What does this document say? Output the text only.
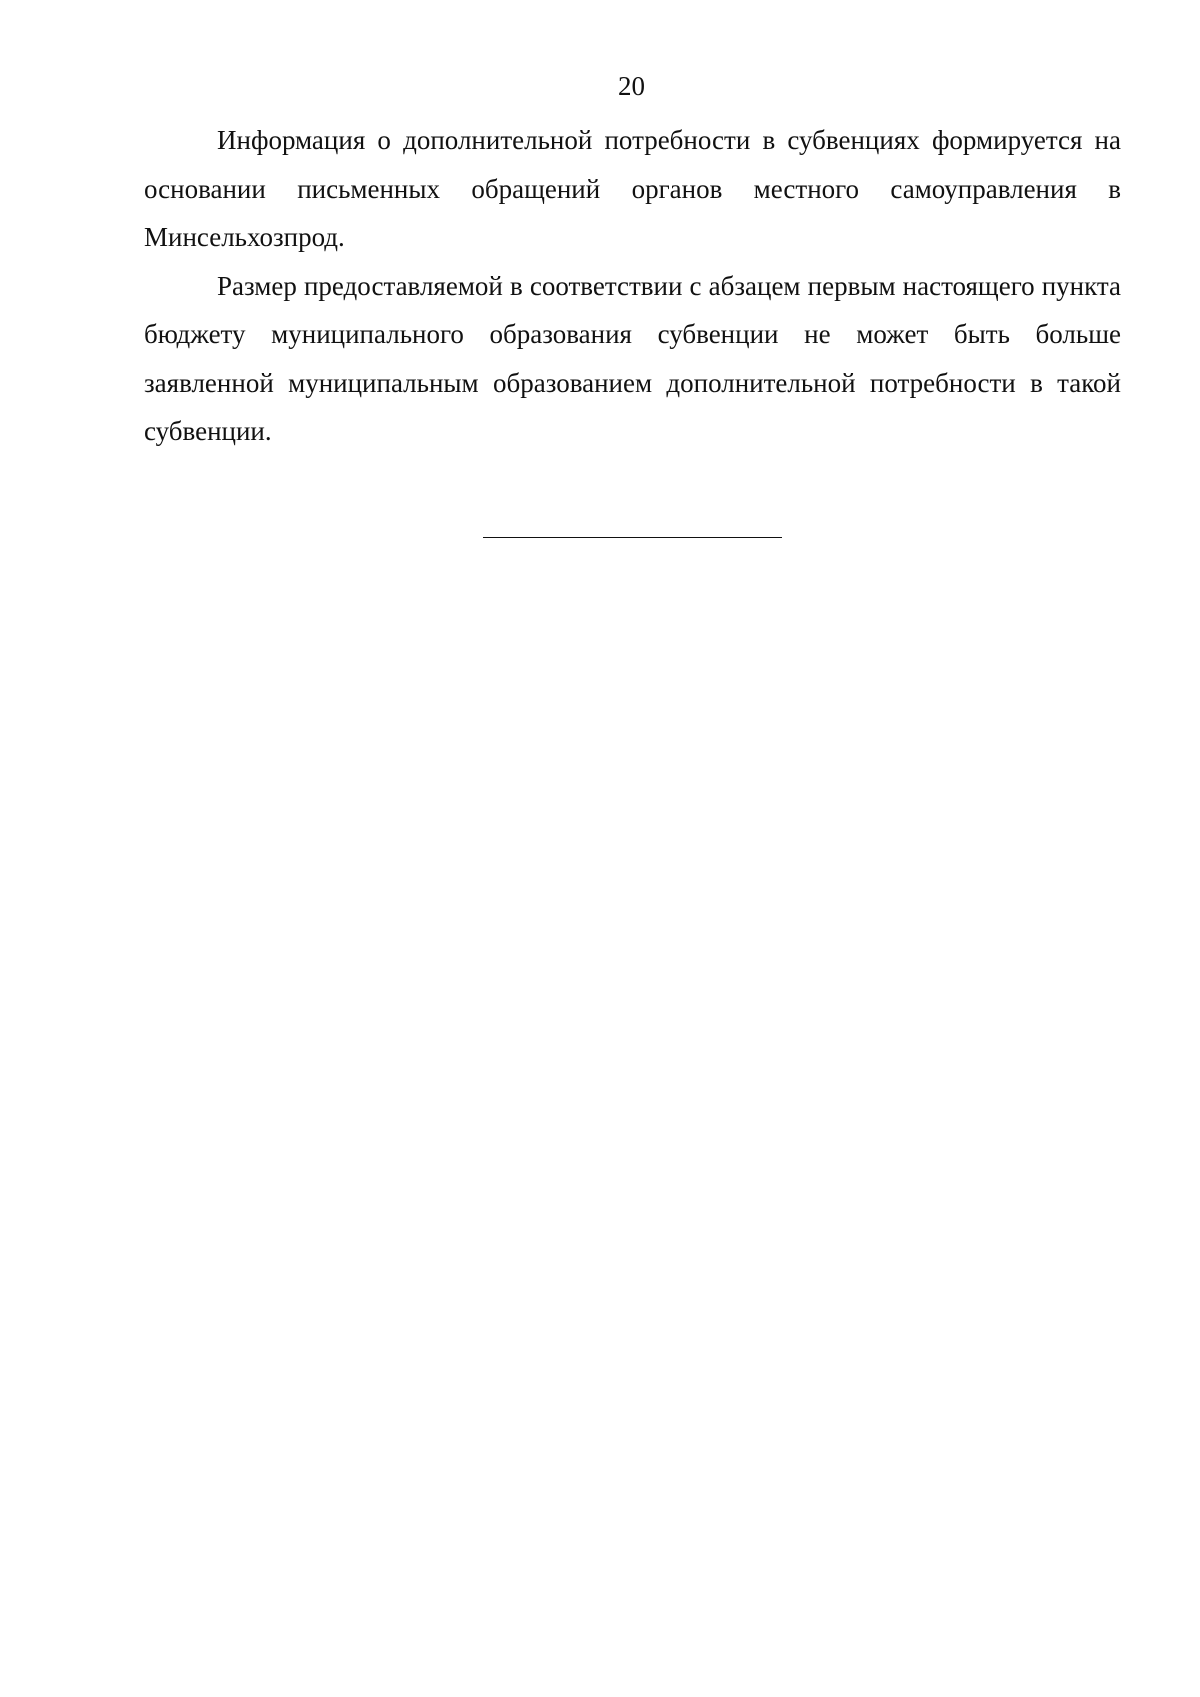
20

Информация о дополнительной потребности в субвенциях формируется на основании письменных обращений органов местного самоуправления в Минсельхозпрод.

Размер предоставляемой в соответствии с абзацем первым настоящего пункта бюджету муниципального образования субвенции не может быть больше заявленной муниципальным образованием дополнительной потребности в такой субвенции.
